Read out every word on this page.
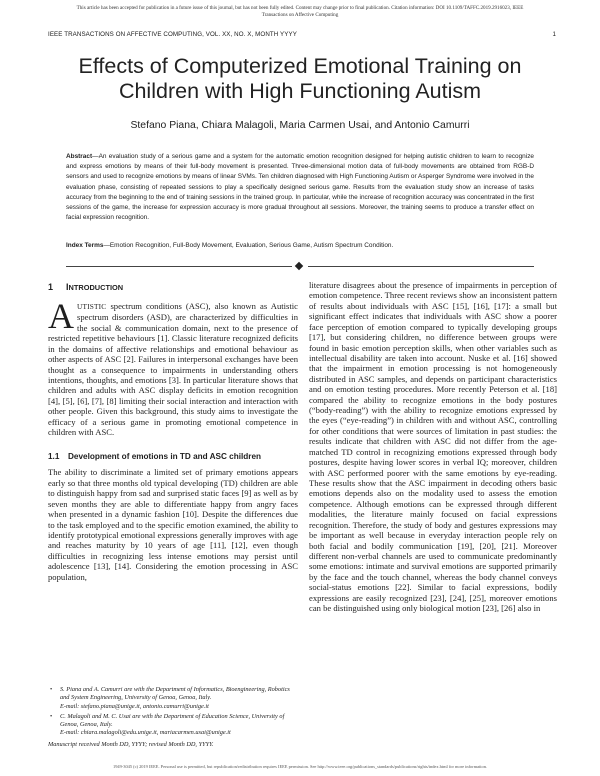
This article has been accepted for publication in a future issue of this journal, but has not been fully edited. Content may change prior to final publication. Citation information: DOI 10.1109/TAFFC.2019.2916023, IEEE
Transactions on Affective Computing
IEEE TRANSACTIONS ON AFFECTIVE COMPUTING, VOL. XX, NO. X, MONTH YYYY	1
Effects of Computerized Emotional Training on
Children with High Functioning Autism
Stefano Piana, Chiara Malagoli, Maria Carmen Usai, and Antonio Camurri
Abstract—An evaluation study of a serious game and a system for the automatic emotion recognition designed for helping autistic children to learn to recognize and express emotions by means of their full-body movement is presented. Three-dimensional motion data of full-body movements are obtained from RGB-D sensors and used to recognize emotions by means of linear SVMs. Ten children diagnosed with High Functioning Autism or Asperger Syndrome were involved in the evaluation phase, consisting of repeated sessions to play a specifically designed serious game. Results from the evaluation study show an increase of tasks accuracy from the beginning to the end of training sessions in the trained group. In particular, while the increase of recognition accuracy was concentrated in the first sessions of the game, the increase for expression accuracy is more gradual throughout all sessions. Moreover, the training seems to produce a transfer effect on facial expression recognition.
Index Terms—Emotion Recognition, Full-Body Movement, Evaluation, Serious Game, Autism Spectrum Condition.
1 INTRODUCTION

AUTISTIC spectrum conditions (ASC), also known as Autistic spectrum disorders (ASD), are characterized by difficulties in the social & communication domain, next to the presence of restricted repetitive behaviours [1]. Classic literature recognized deficits in the domains of affective relationships and emotional behaviour as other aspects of ASC [2]. Failures in interpersonal exchanges have been thought as a consequence to impairments in understanding others intentions, thoughts, and emotions [3]. In particular literature shows that children and adults with ASC display deficits in emotion recognition [4], [5], [6], [7], [8] limiting their social interaction and interaction with other people. Given this background, this study aims to investigate the efficacy of a serious game in promoting emotional competence in children with ASC.

1.1 Development of emotions in TD and ASC children

The ability to discriminate a limited set of primary emotions appears early so that three months old typical developing (TD) children are able to distinguish happy from sad and surprised static faces [9] as well as by seven months they are able to differentiate happy from angry faces when presented in a dynamic fashion [10]. Despite the differences due to the task employed and to the specific emotion examined, the ability to identify prototypical emotional expressions generally improves with age and reaches maturity by 10 years of age [11], [12], even though difficulties in recognizing less intense emotions may persist until adolescence [13], [14]. Considering the emotion processing in ASC population,

literature disagrees about the presence of impairments in perception of emotion competence. Three recent reviews show an inconsistent pattern of results about individuals with ASC [15], [16], [17]: a small but significant effect indicates that individuals with ASC show a poorer face perception of emotion compared to typically developing groups [17], but considering children, no difference between groups were found in basic emotion perception skills, when other variables such as intellectual disability are taken into account. Nuske et al. [16] showed that the impairment in emotion processing is not homogeneously distributed in ASC samples, and depends on participant characteristics and on emotion testing procedures. More recently Peterson et al. [18] compared the ability to recognize emotions in the body postures (“body-reading”) with the ability to recognize emotions expressed by the eyes (“eye-reading”) in children with and without ASC, controlling for other conditions that were sources of limitation in past studies: the results indicate that children with ASC did not differ from the age-matched TD control in recognizing emotions expressed through body postures, despite having lower scores in verbal IQ; moreover, children with ASC performed poorer with the same emotions by eye-reading. These results show that the ASC impairment in decoding others basic emotions depends also on the modality used to assess the emotion competence. Although emotions can be expressed through different modalities, the literature mainly focused on facial expressions recognition. Therefore, the study of body and gestures expressions may be important as well because in everyday interaction people rely on both facial and bodily communication [19], [20], [21]. Moreover different non-verbal channels are used to communicate predominantly some emotions: intimate and survival emotions are supported primarily by the face and the touch channel, whereas the body channel conveys social-status emotions [22]. Similar to facial expressions, bodily expressions are easily recognized [23], [24], [25], moreover emotions can be distinguished using only biological motion [23], [26] also in

• S. Piana and A. Camurri are with the Department of Informatics, Bioengineering, Robotics and System Engineering, University of Genoa, Genoa, Italy.
E-mail: stefano.piana@unige.it, antonio.camurri@unige.it
• C. Malagoli and M. C. Usai are with the Department of Education Science, University of Genoa, Genoa, Italy.
E-mail: chiara.malagoli@edu.unige.it, mariacarmen.usai@unige.it
Manuscript received Month DD, YYYY; revised Month DD, YYYY.
1949-3045 (c) 2019 IEEE. Personal use is permitted, but republication/redistribution requires IEEE permission. See http://www.ieee.org/publications_standards/publications/rights/index.html for more information.
